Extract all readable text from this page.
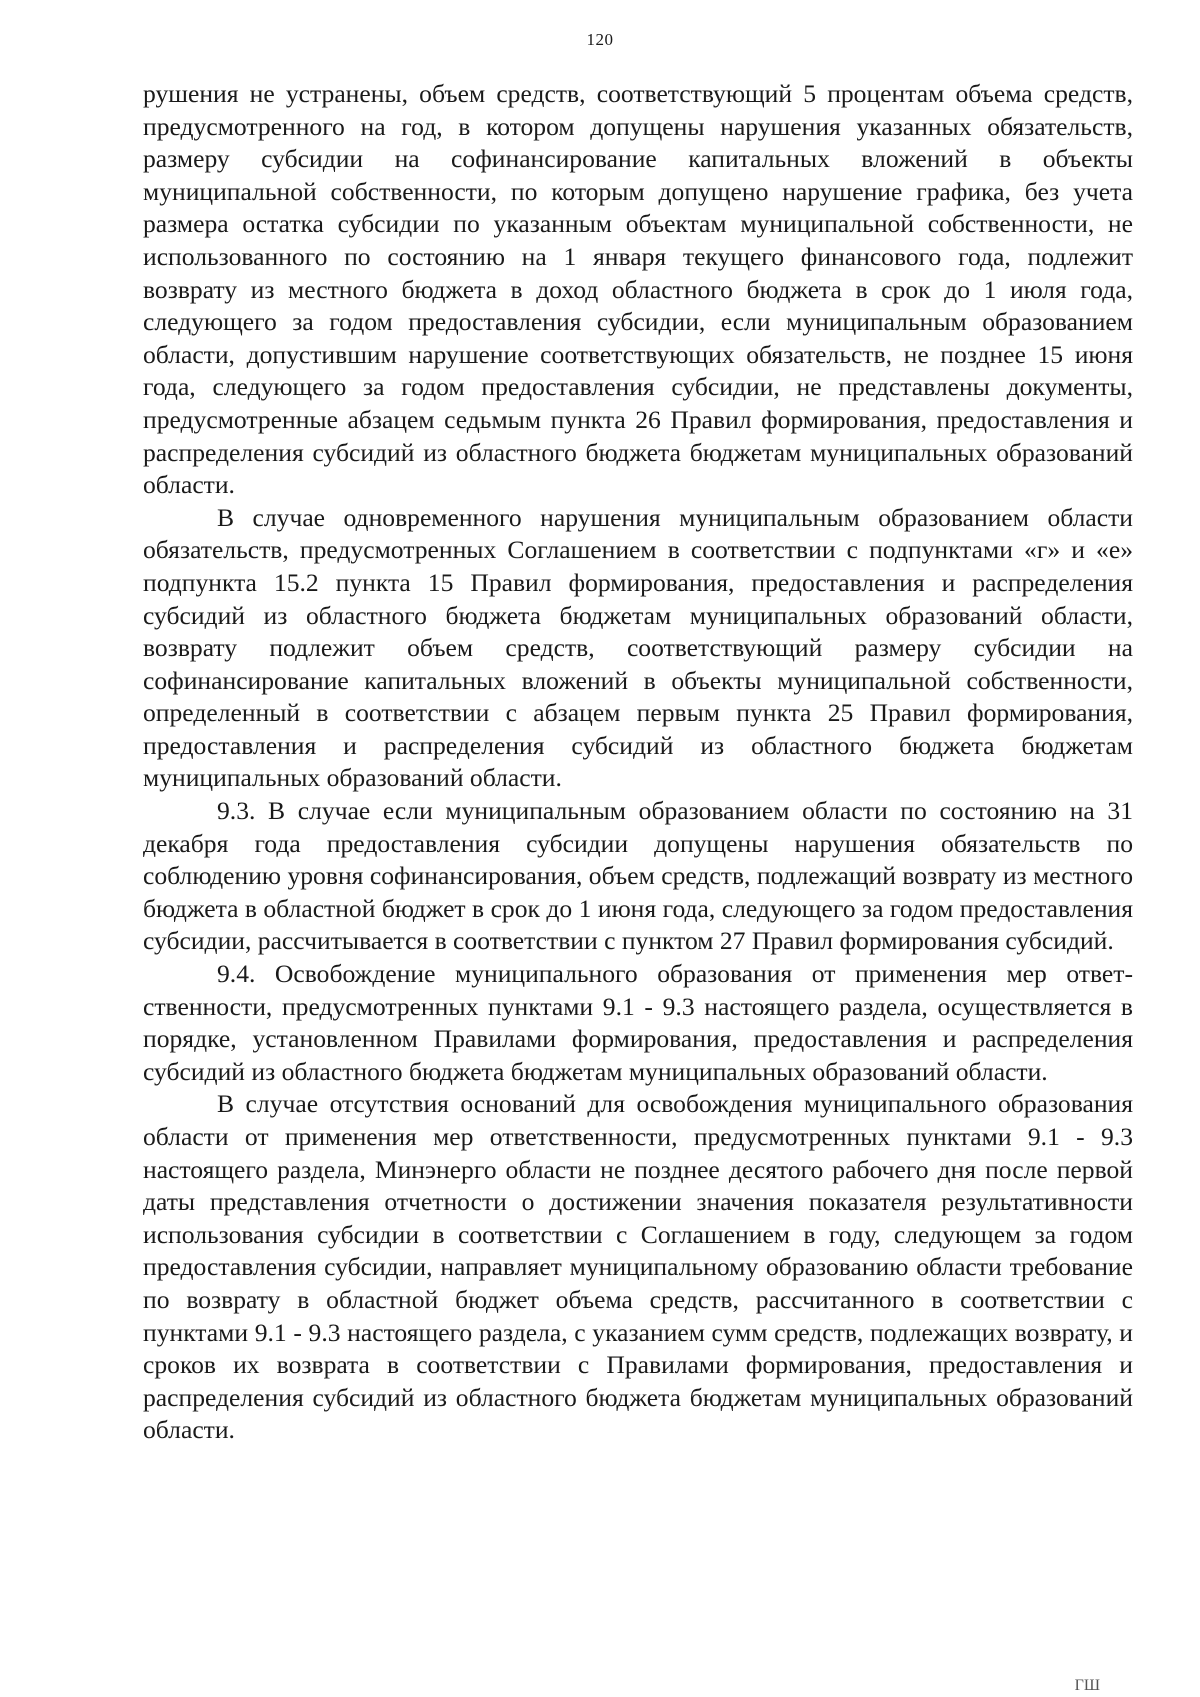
120

рушения не устранены, объем средств, соответствующий 5 процентам объема средств, предусмотренного на год, в котором допущены нарушения указанных обязательств, размеру субсидии на софинансирование капитальных вложений в объекты муниципальной собственности, по которым допущено нарушение графика, без учета размера остатка субсидии по указанным объектам муниципальной собственности, не использованного по состоянию на 1 января текущего финансового года, подлежит возврату из местного бюджета в доход областного бюджета в срок до 1 июля года, следующего за годом предоставления субсидии, если муниципальным образованием области, допустившим нарушение соответствующих обязательств, не позднее 15 июня года, следующего за годом предоставления субсидии, не представлены документы, предусмотренные абзацем седьмым пункта 26 Правил формирования, предоставления и распределения субсидий из областного бюджета бюджетам муниципальных образований области.

В случае одновременного нарушения муниципальным образованием области обязательств, предусмотренных Соглашением в соответствии с подпунктами «г» и «е» подпункта 15.2 пункта 15 Правил формирования, предоставления и распределения субсидий из областного бюджета бюджетам муниципальных образований области, возврату подлежит объем средств, соответствующий размеру субсидии на софинансирование капитальных вложений в объекты муниципальной собственности, определенный в соответствии с абзацем первым пункта 25 Правил формирования, предоставления и распределения субсидий из областного бюджета бюджетам муниципальных образований области.

9.3. В случае если муниципальным образованием области по состоянию на 31 декабря года предоставления субсидии допущены нарушения обязательств по соблюдению уровня софинансирования, объем средств, подлежащий возврату из местного бюджета в областной бюджет в срок до 1 июня года, следующего за годом предоставления субсидии, рассчитывается в соответствии с пунктом 27 Правил формирования субсидий.

9.4. Освобождение муниципального образования от применения мер ответственности, предусмотренных пунктами 9.1 - 9.3 настоящего раздела, осуществляется в порядке, установленном Правилами формирования, предоставления и распределения субсидий из областного бюджета бюджетам муниципальных образований области.

В случае отсутствия оснований для освобождения муниципального образования области от применения мер ответственности, предусмотренных пунктами 9.1 - 9.3 настоящего раздела, Минэнерго области не позднее десятого рабочего дня после первой даты представления отчетности о достижении значения показателя результативности использования субсидии в соответствии с Соглашением в году, следующем за годом предоставления субсидии, направляет муниципальному образованию области требование по возврату в областной бюджет объема средств, рассчитанного в соответствии с пунктами 9.1 - 9.3 настоящего раздела, с указанием сумм средств, подлежащих возврату, и сроков их возврата в соответствии с Правилами формирования, предоставления и распределения субсидий из областного бюджета бюджетам муниципальных образований области.

ГШ
